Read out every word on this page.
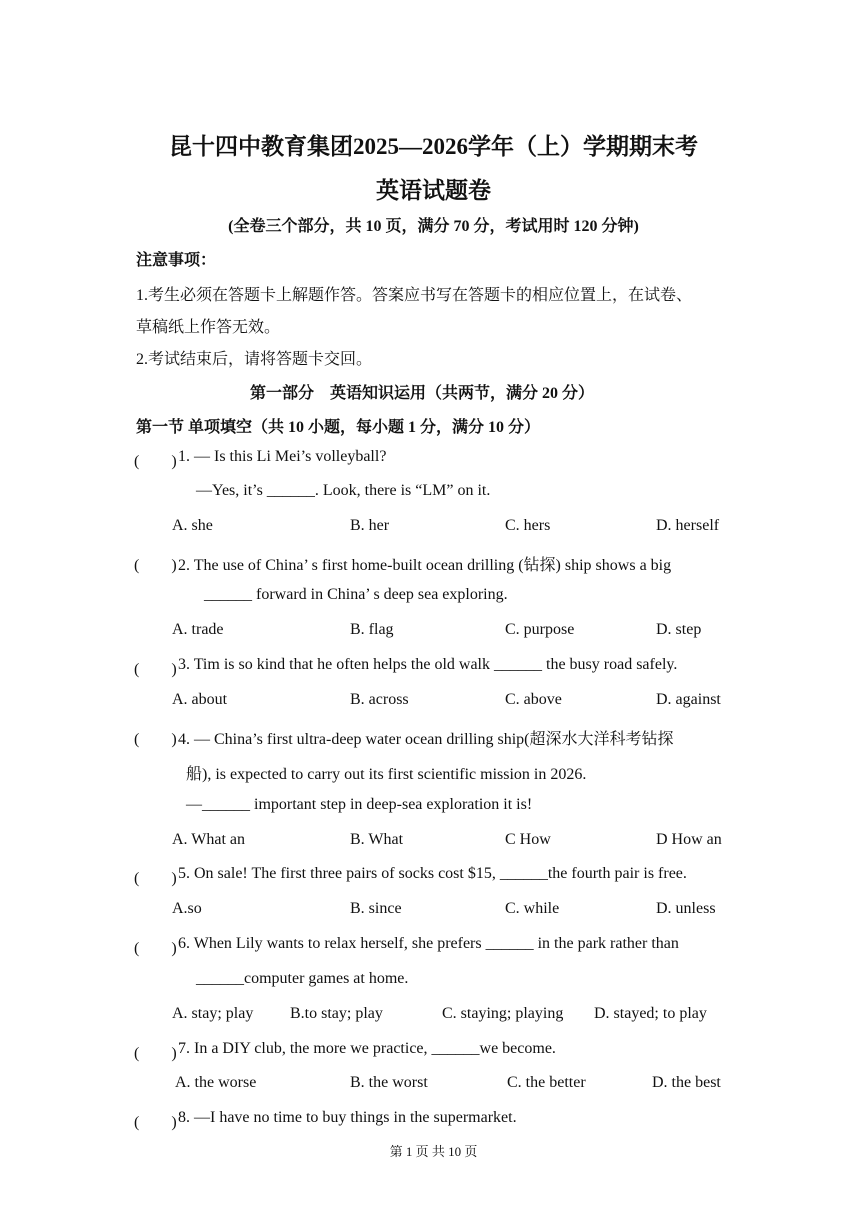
昆十四中教育集团2025—2026学年（上）学期期末考
英语试题卷
(全卷三个部分，共 10 页，满分 70 分，考试用时 120 分钟)
注意事项：
1.考生必须在答题卡上解题作答。答案应书写在答题卡的相应位置上，在试卷、
草稿纸上作答无效。
2.考试结束后，请将答题卡交回。
第一部分　英语知识运用（共两节，满分 20 分）
第一节 单项填空（共 10 小题，每小题 1 分，满分 10 分）
(　　) 1. — Is this Li Mei’s volleyball?
—Yes, it’s ______. Look, there is “LM” on it.
A. she	B. her	C. hers	D. herself
(　　) 2. The use of China’ s first home-built ocean drilling (钻探) ship shows a big
______ forward in China’ s deep sea exploring.
A. trade	B. flag	C. purpose	D. step
(　　) 3. Tim is so kind that he often helps the old walk ______ the busy road safely.
A. about	B. across	C. above	D. against
(　　) 4. — China’s first ultra-deep water ocean drilling ship(超深水大洋科考钻探
船), is expected to carry out its first scientific mission in 2026.
—______ important step in deep-sea exploration it is!
A. What an	B. What	C How	D How an
(　　) 5. On sale! The first three pairs of socks cost $15, ______the fourth pair is free.
A.so	B. since	C. while	D. unless
(　　) 6. When Lily wants to relax herself, she prefers ______ in the park rather than
______computer games at home.
A. stay; play B.to stay; play	C. staying; playing D. stayed; to play
(　　) 7. In a DIY club, the more we practice, ______we become.
A. the worse	B. the worst	C. the better	D. the best
(　　) 8. —I have no time to buy things in the supermarket.
第 1 页 共 10 页
